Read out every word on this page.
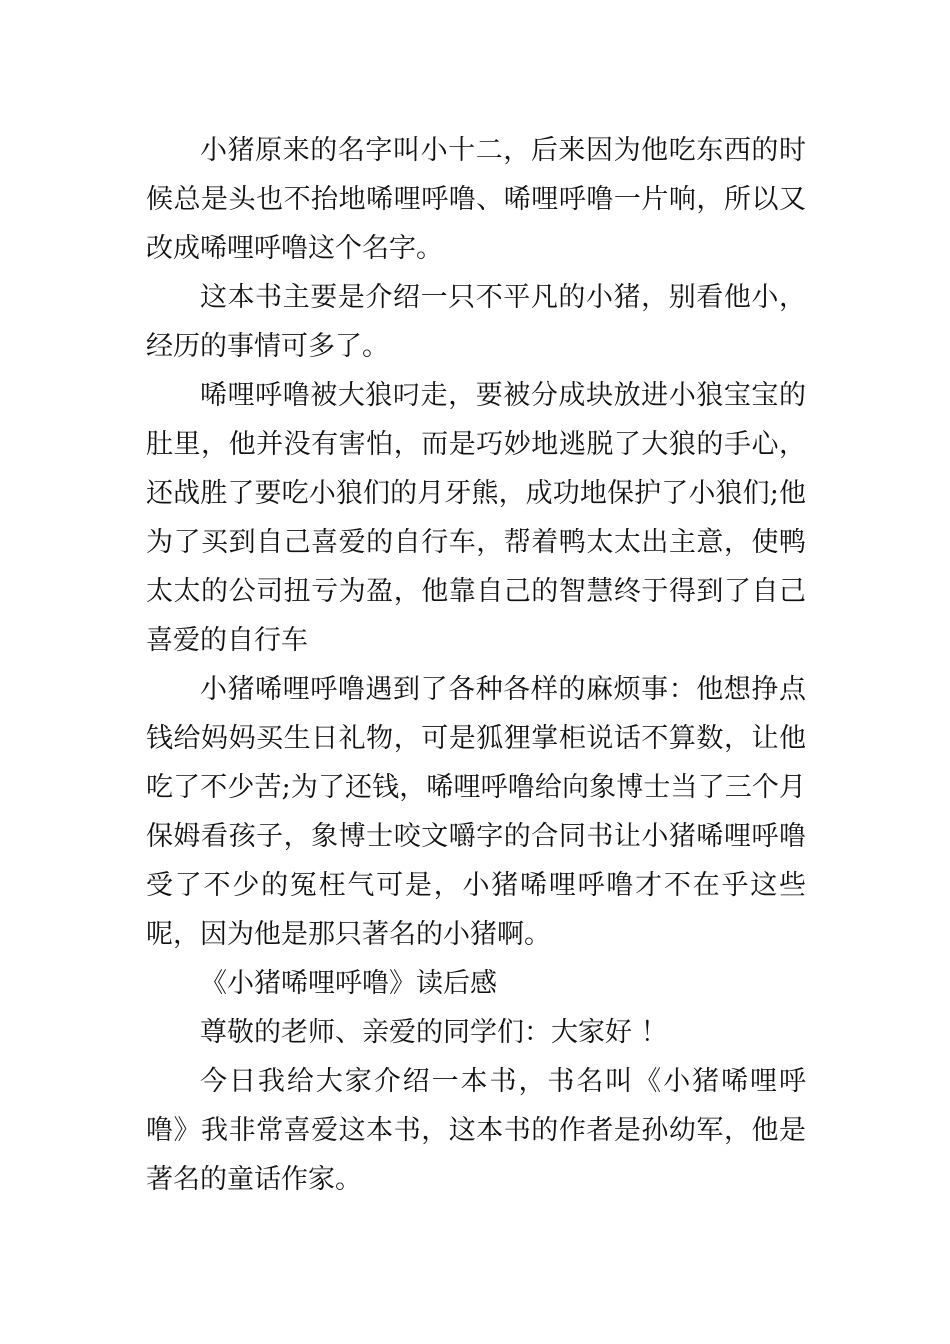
小猪原来的名字叫小十二，后来因为他吃东西的时候总是头也不抬地唏哩呼噜、唏哩呼噜一片响，所以又改成唏哩呼噜这个名字。

这本书主要是介绍一只不平凡的小猪，别看他小，经历的事情可多了。

唏哩呼噜被大狼叼走，要被分成块放进小狼宝宝的肚里，他并没有害怕，而是巧妙地逃脱了大狼的手心，还战胜了要吃小狼们的月牙熊，成功地保护了小狼们;他为了买到自己喜爱的自行车，帮着鸭太太出主意，使鸭太太的公司扭亏为盈，他靠自己的智慧终于得到了自己喜爱的自行车

小猪唏哩呼噜遇到了各种各样的麻烦事：他想挣点钱给妈妈买生日礼物，可是狐狸掌柜说话不算数，让他吃了不少苦;为了还钱，唏哩呼噜给向象博士当了三个月保姆看孩子，象博士咬文嚼字的合同书让小猪唏哩呼噜受了不少的冤枉气可是，小猪唏哩呼噜才不在乎这些呢，因为他是那只著名的小猪啊。

《小猪唏哩呼噜》读后感

尊敬的老师、亲爱的同学们：大家好 ！

今日我给大家介绍一本书，书名叫《小猪唏哩呼噜》我非常喜爱这本书，这本书的作者是孙幼军，他是著名的童话作家。
